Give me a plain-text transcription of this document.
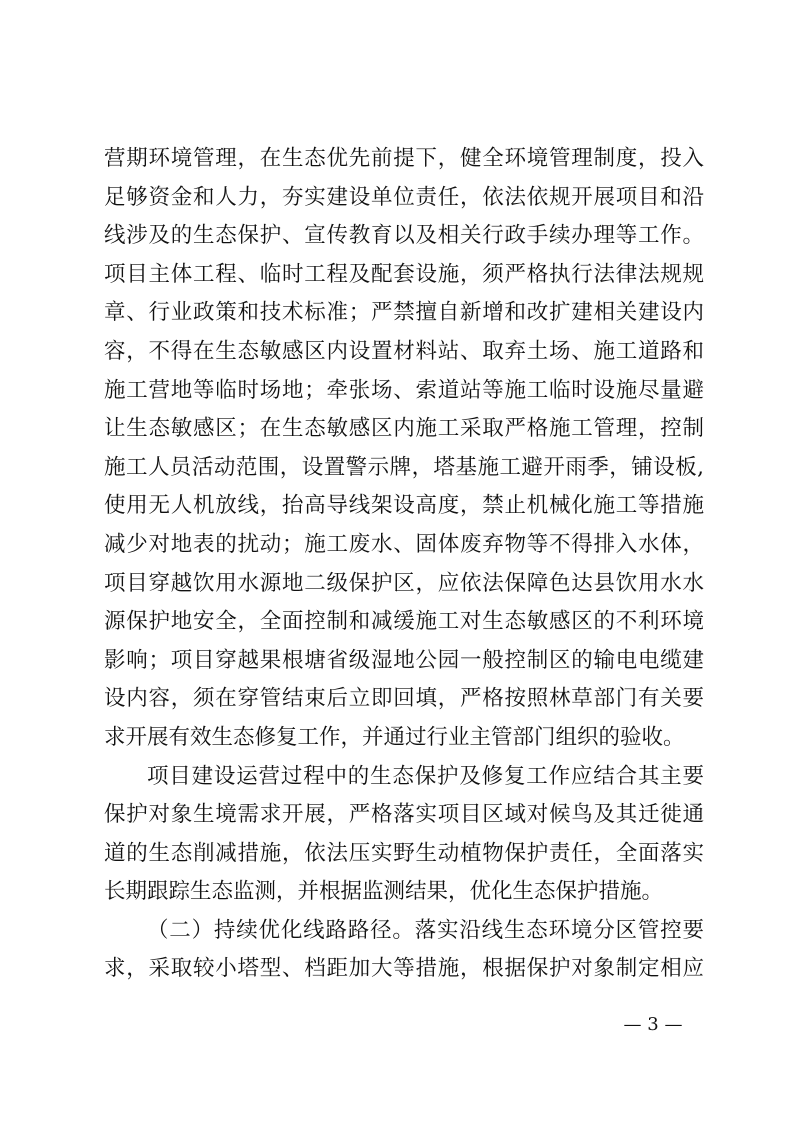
营期环境管理，在生态优先前提下，健全环境管理制度，投入
足够资金和人力，夯实建设单位责任，依法依规开展项目和沿
线涉及的生态保护、宣传教育以及相关行政手续办理等工作。
项目主体工程、临时工程及配套设施，须严格执行法律法规规
章、行业政策和技术标准；严禁擅自新增和改扩建相关建设内
容，不得在生态敏感区内设置材料站、取弃土场、施工道路和
施工营地等临时场地；牵张场、索道站等施工临时设施尽量避
让生态敏感区；在生态敏感区内施工采取严格施工管理，控制
施工人员活动范围，设置警示牌，塔基施工避开雨季，铺设板,
使用无人机放线，抬高导线架设高度，禁止机械化施工等措施
减少对地表的扰动；施工废水、固体废弃物等不得排入水体，
项目穿越饮用水源地二级保护区，应依法保障色达县饮用水水
源保护地安全，全面控制和减缓施工对生态敏感区的不利环境
影响；项目穿越果根塘省级湿地公园一般控制区的输电电缆建
设内容，须在穿管结束后立即回填，严格按照林草部门有关要
求开展有效生态修复工作，并通过行业主管部门组织的验收。
项目建设运营过程中的生态保护及修复工作应结合其主要
保护对象生境需求开展，严格落实项目区域对候鸟及其迁徙通
道的生态削减措施，依法压实野生动植物保护责任，全面落实
长期跟踪生态监测，并根据监测结果，优化生态保护措施。
（二）持续优化线路路径。落实沿线生态环境分区管控要
求，采取较小塔型、档距加大等措施，根据保护对象制定相应
— 3 —
